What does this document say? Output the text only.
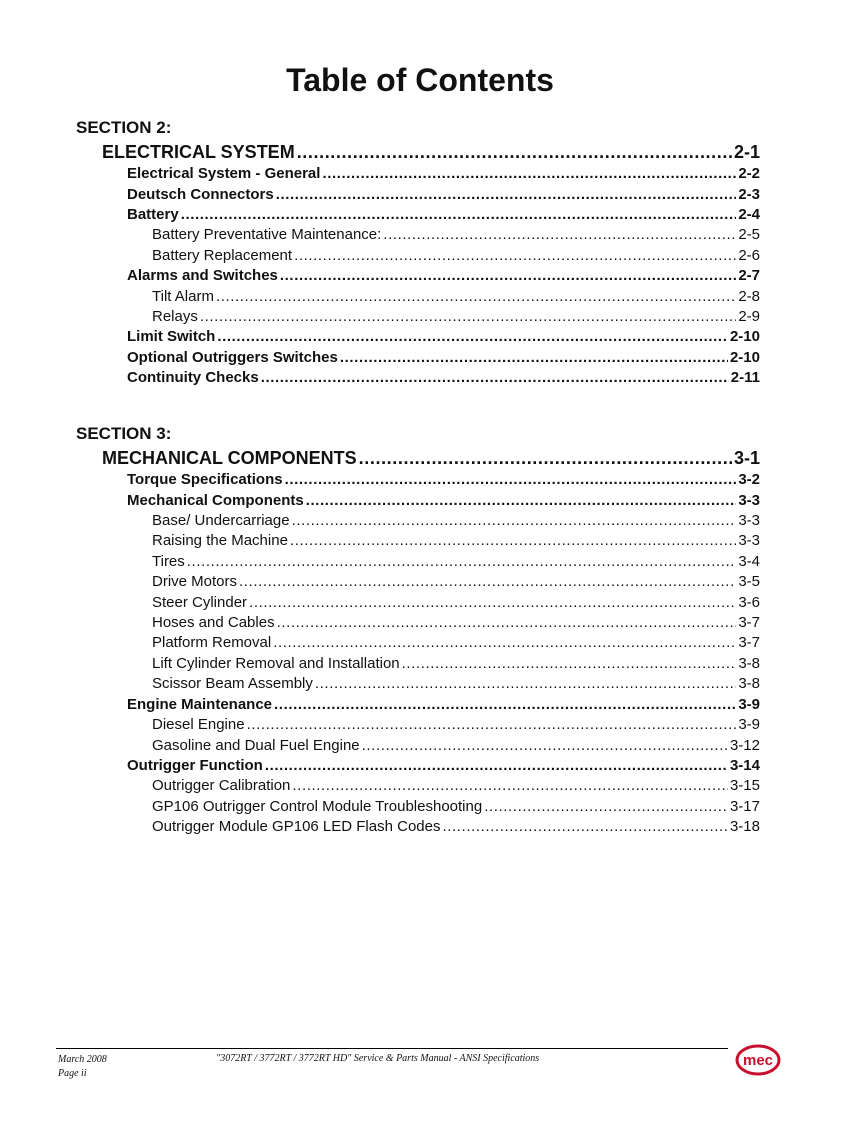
Table of Contents
SECTION 2:
ELECTRICAL SYSTEM .....	2-1
Electrical System - General .....	2-2
Deutsch Connectors .....	2-3
Battery .....	2-4
Battery Preventative Maintenance: .....	2-5
Battery Replacement .....	2-6
Alarms and Switches .....	2-7
Tilt Alarm .....	2-8
Relays .....	2-9
Limit Switch .....	2-10
Optional Outriggers Switches .....	2-10
Continuity Checks .....	2-11
SECTION 3:
MECHANICAL COMPONENTS .....	3-1
Torque Specifications .....	3-2
Mechanical Components .....	3-3
Base/ Undercarriage .....	3-3
Raising the Machine .....	3-3
Tires .....	3-4
Drive Motors .....	3-5
Steer Cylinder .....	3-6
Hoses and Cables .....	3-7
Platform Removal .....	3-7
Lift Cylinder Removal and Installation .....	3-8
Scissor Beam Assembly .....	3-8
Engine Maintenance .....	3-9
Diesel Engine .....	3-9
Gasoline and Dual Fuel Engine .....	3-12
Outrigger Function .....	3-14
Outrigger Calibration .....	3-15
GP106 Outrigger Control Module Troubleshooting .....	3-17
Outrigger Module GP106 LED Flash Codes .....	3-18
March 2008
Page ii
"3072RT / 3772RT / 3772RT HD" Service & Parts Manual - ANSI Specifications	mec
